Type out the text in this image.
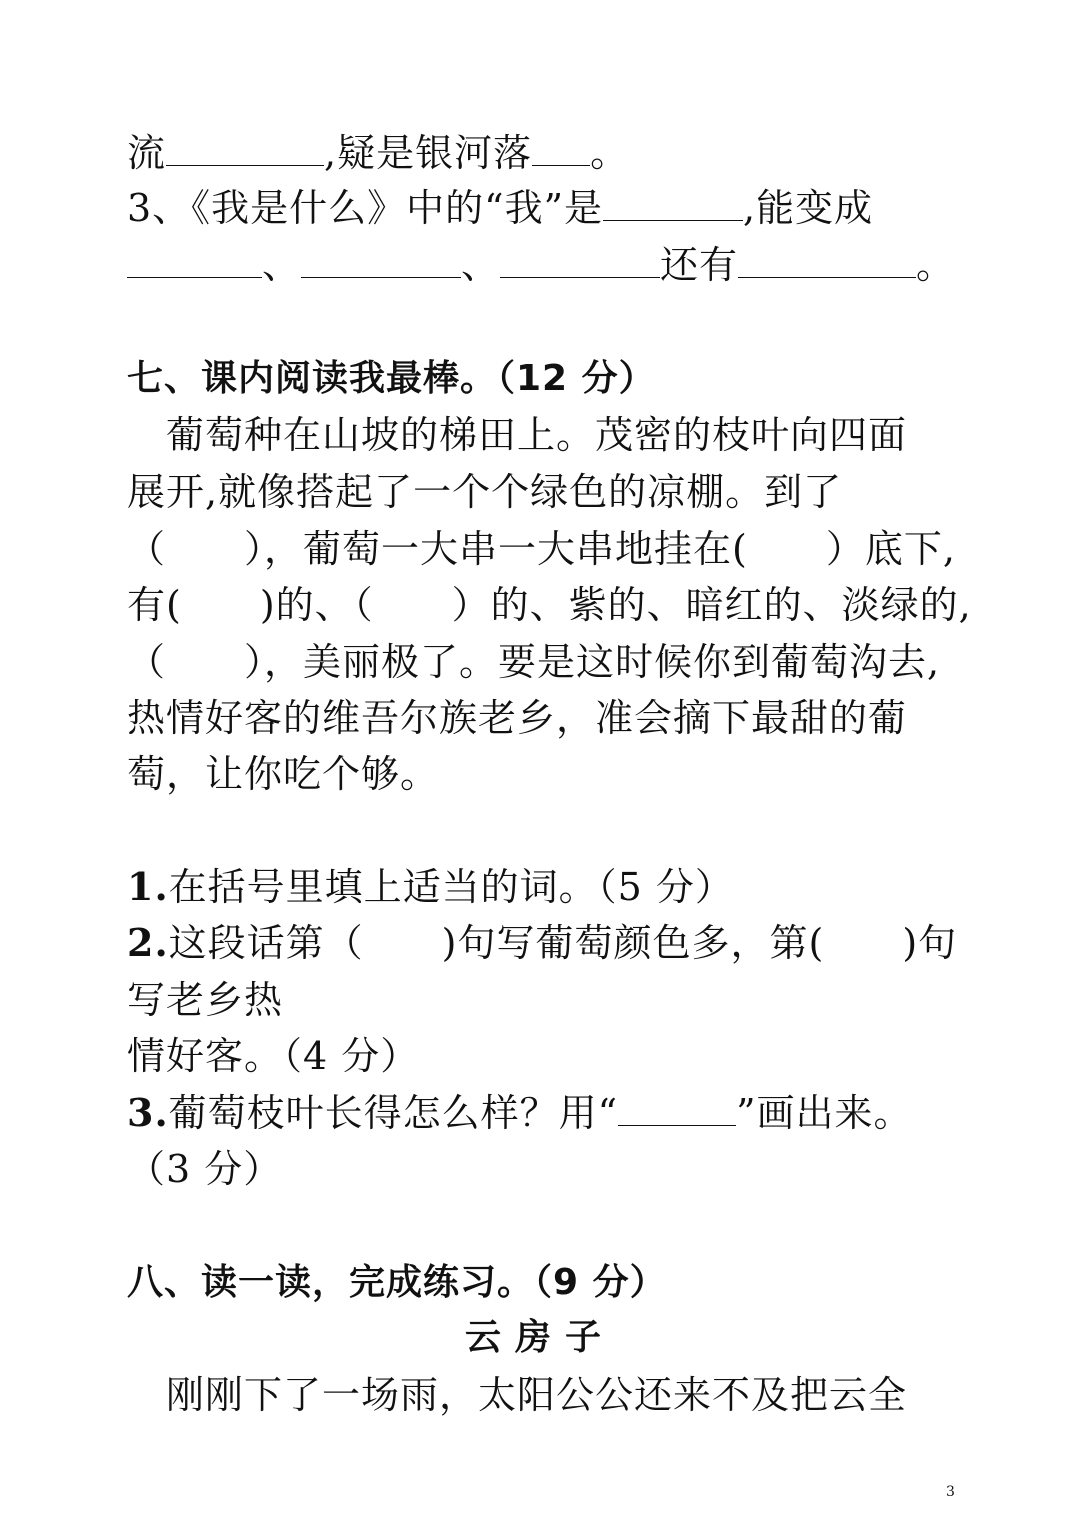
流	,疑是银河落 。
3、《我是什么》中的“我”是	,能变成
、	、	还有	。
七、课内阅读我最棒。（12 分）
　葡萄种在山坡的梯田上。茂密的枝叶向四面
展开,就像搭起了一个个绿色的凉棚。到了
（　　），葡萄一大串一大串地挂在(　　）底下,
有(　　)的、（　　）的、紫的、暗红的、淡绿的,
（　　），美丽极了。要是这时候你到葡萄沟去,
热情好客的维吾尔族老乡，准会摘下最甜的葡
萄，让你吃个够。
1.在括号里填上适当的词。（5 分）
2.这段话第（　　)句写葡萄颜色多，第(　　)句
写老乡热
情好客。（4 分）
3.葡萄枝叶长得怎么样？用“	”画出来。
（3 分）
八、读一读，完成练习。（9 分）
云房子
　刚刚下了一场雨，太阳公公还来不及把云全
3
